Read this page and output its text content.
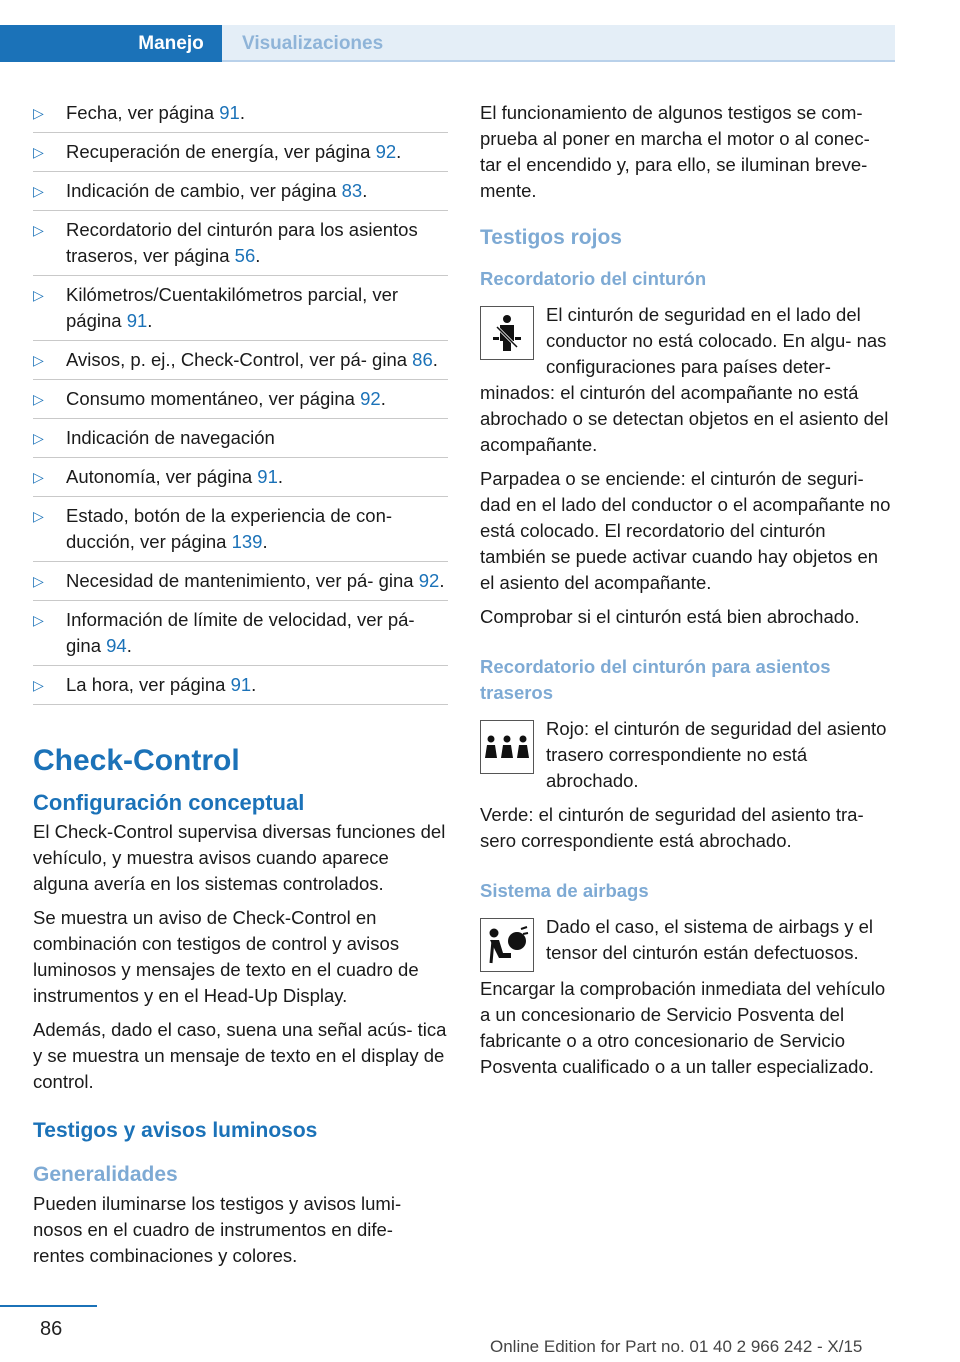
Manejo	Visualizaciones
▷ Fecha, ver página 91.
▷ Recuperación de energía, ver página 92.
▷ Indicación de cambio, ver página 83.
▷ Recordatorio del cinturón para los asientos traseros, ver página 56.
▷ Kilómetros/Cuentakilómetros parcial, ver página 91.
▷ Avisos, p. ej., Check-Control, ver pá‐ gina 86.
▷ Consumo momentáneo, ver página 92.
▷ Indicación de navegación
▷ Autonomía, ver página 91.
▷ Estado, botón de la experiencia de con‐ ducción, ver página 139.
▷ Necesidad de mantenimiento, ver pá‐ gina 92.
▷ Información de límite de velocidad, ver pá‐ gina 94.
▷ La hora, ver página 91.
Check-Control
Configuración conceptual

El Check-Control supervisa diversas funciones del vehículo, y muestra avisos cuando aparece alguna avería en los sistemas controlados.

Se muestra un aviso de Check-Control en combinación con testigos de control y avisos luminosos y mensajes de texto en el cuadro de instrumentos y en el Head-Up Display.

Además, dado el caso, suena una señal acús‐ tica y se muestra un mensaje de texto en el display de control.

Testigos y avisos luminosos
Generalidades

Pueden iluminarse los testigos y avisos lumi‐ nosos en el cuadro de instrumentos en dife‐ rentes combinaciones y colores.

El funcionamiento de algunos testigos se com‐ prueba al poner en marcha el motor o al conec‐ tar el encendido y, para ello, se iluminan breve‐ mente.

Testigos rojos
Recordatorio del cinturón

El cinturón de seguridad en el lado del conductor no está colocado. En algu‐ nas configuraciones para países deter‐ minados: el cinturón del acompañante no está abrochado o se detectan objetos en el asiento del acompañante.

Parpadea o se enciende: el cinturón de seguri‐ dad en el lado del conductor o el acompañante no está colocado. El recordatorio del cinturón también se puede activar cuando hay objetos en el asiento del acompañante.

Comprobar si el cinturón está bien abrochado.

Recordatorio del cinturón para asientos traseros

Rojo: el cinturón de seguridad del asiento trasero correspondiente no está abrochado.

Verde: el cinturón de seguridad del asiento tra‐ sero correspondiente está abrochado.

Sistema de airbags

Dado el caso, el sistema de airbags y el tensor del cinturón están defectuosos.

Encargar la comprobación inmediata del vehículo a un concesionario de Servicio Posventa del fabricante o a otro concesionario de Servicio Posventa cualificado o a un taller especializado.

86
Online Edition for Part no. 01 40 2 966 242 - X/15
